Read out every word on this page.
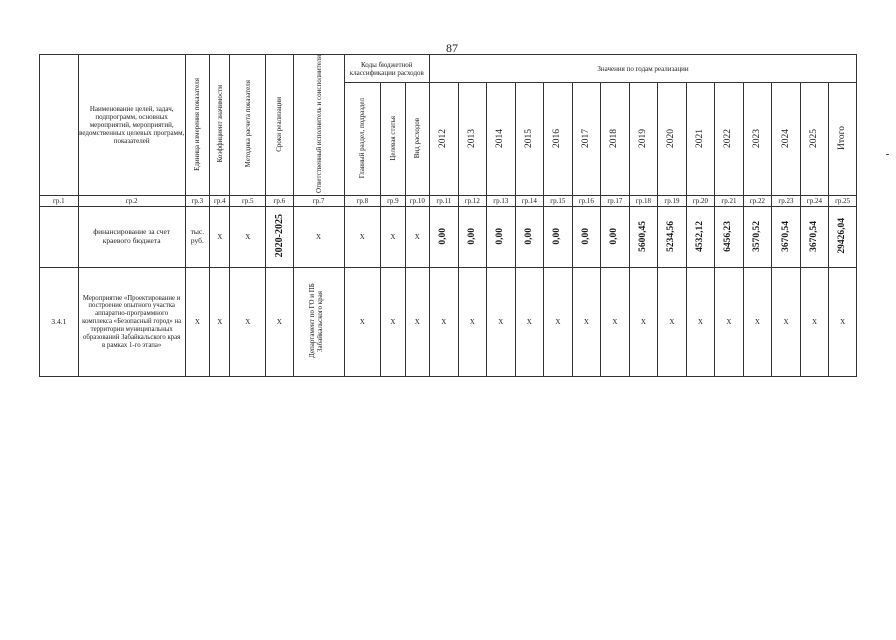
87
	Наименование целей, задач, подпрограмм, основных мероприятий, мероприятий, ведомственных целевых программ, показателей	Единица измерения показателя	Коэффициент значимости	Методика расчета показателя	Сроки реализации	Ответственный исполнитель и соисполнители	Коды бюджетной классификации расходов			Значения по годам реализации														
							Главный раздел, подраздел	Целевая статья	Вид расходов	2012	2013	2014	2015	2016	2017	2018	2019	2020	2021	2022	2023	2024	2025	Итого
гр.1	гр.2	гр.3	гр.4	гр.5	гр.6	гр.7	гр.8	гр.9	гр.10	гр.11	гр.12	гр.13	гр.14	гр.15	гр.16	гр.17	гр.18	гр.19	гр.20	гр.21	гр.22	гр.23	гр.24	гр.25
	финансирование за счет краевого бюджета	тыс. руб.	Х	Х	2020-2025	Х	Х	Х	Х	0,00	0,00	0,00	0,00	0,00	0,00	0,00	5600,45	5234,56	4532,12	6456,23	3570,52	3670,54	3670,54	29426,04
3.4.1	Мероприятие «Проектирование и построение опытного участка аппаратно-программного комплекса «Безопасный город» на территории муниципальных образований Забайкальского края в рамках 1-го этапа»	Х	Х	Х	Х	Департамент по ГО и ПБ Забайкальского края	Х	Х	Х	Х	Х	Х	Х	Х	Х	Х	Х	Х	Х	Х	Х	Х	Х	Х
